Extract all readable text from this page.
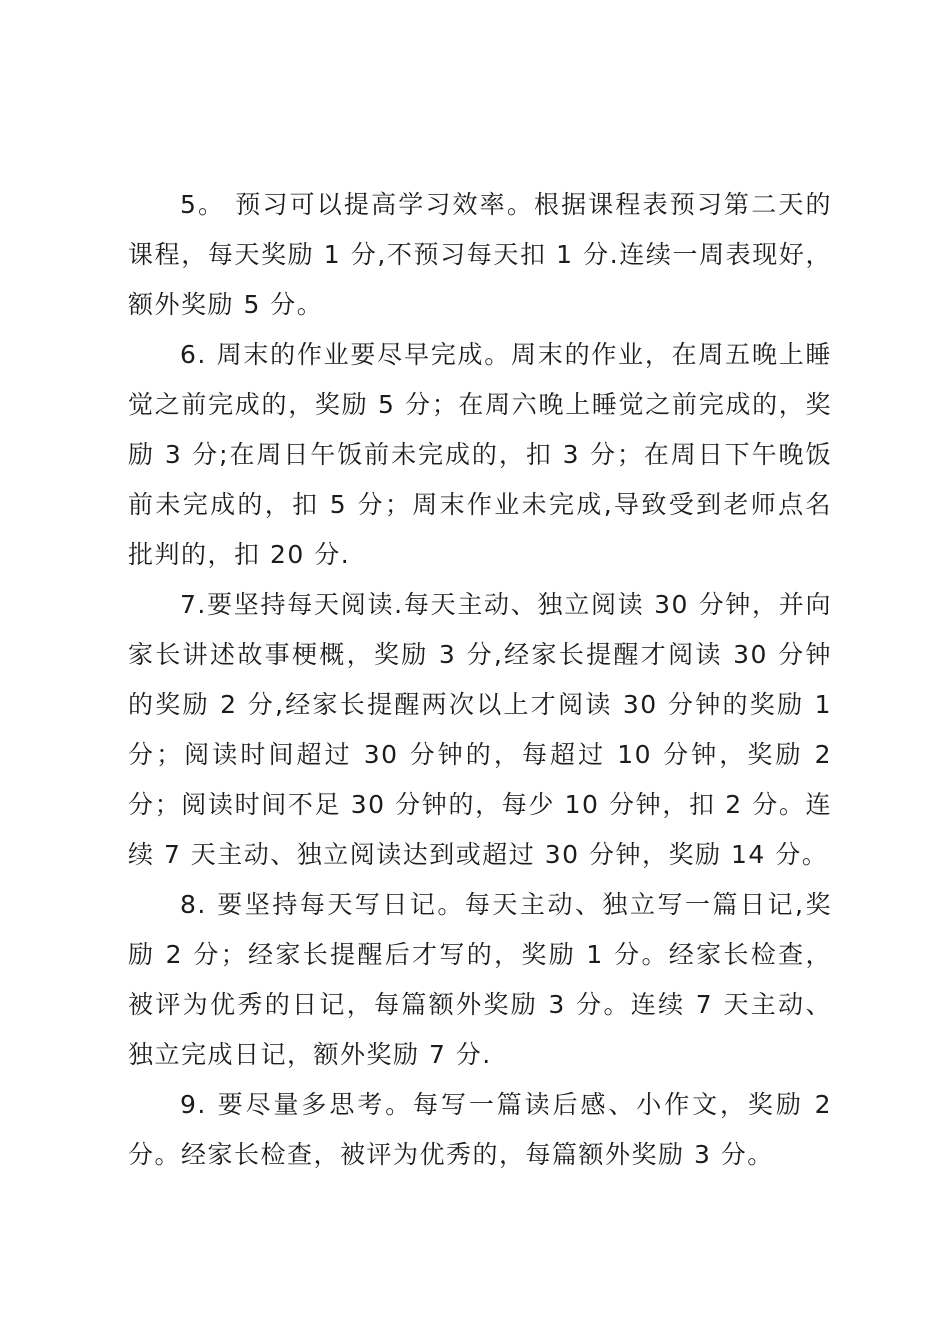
5。 预习可以提高学习效率。根据课程表预习第二天的课程，每天奖励 1 分,不预习每天扣 1 分.连续一周表现好，额外奖励 5 分。

6. 周末的作业要尽早完成。周末的作业，在周五晚上睡觉之前完成的，奖励 5 分；在周六晚上睡觉之前完成的，奖励 3 分;在周日午饭前未完成的，扣 3 分；在周日下午晚饭前未完成的，扣 5 分；周末作业未完成,导致受到老师点名批判的，扣 20 分.

7.要坚持每天阅读.每天主动、独立阅读 30 分钟，并向家长讲述故事梗概，奖励 3 分,经家长提醒才阅读 30 分钟的奖励 2 分,经家长提醒两次以上才阅读 30 分钟的奖励 1 分；阅读时间超过 30 分钟的，每超过 10 分钟，奖励 2 分；阅读时间不足 30 分钟的，每少 10 分钟，扣 2 分。连续 7 天主动、独立阅读达到或超过 30 分钟，奖励 14 分。

8. 要坚持每天写日记。每天主动、独立写一篇日记,奖励 2 分；经家长提醒后才写的，奖励 1 分。经家长检查，被评为优秀的日记，每篇额外奖励 3 分。连续 7 天主动、独立完成日记，额外奖励 7 分.

9. 要尽量多思考。每写一篇读后感、小作文，奖励 2 分。经家长检查，被评为优秀的，每篇额外奖励 3 分。
